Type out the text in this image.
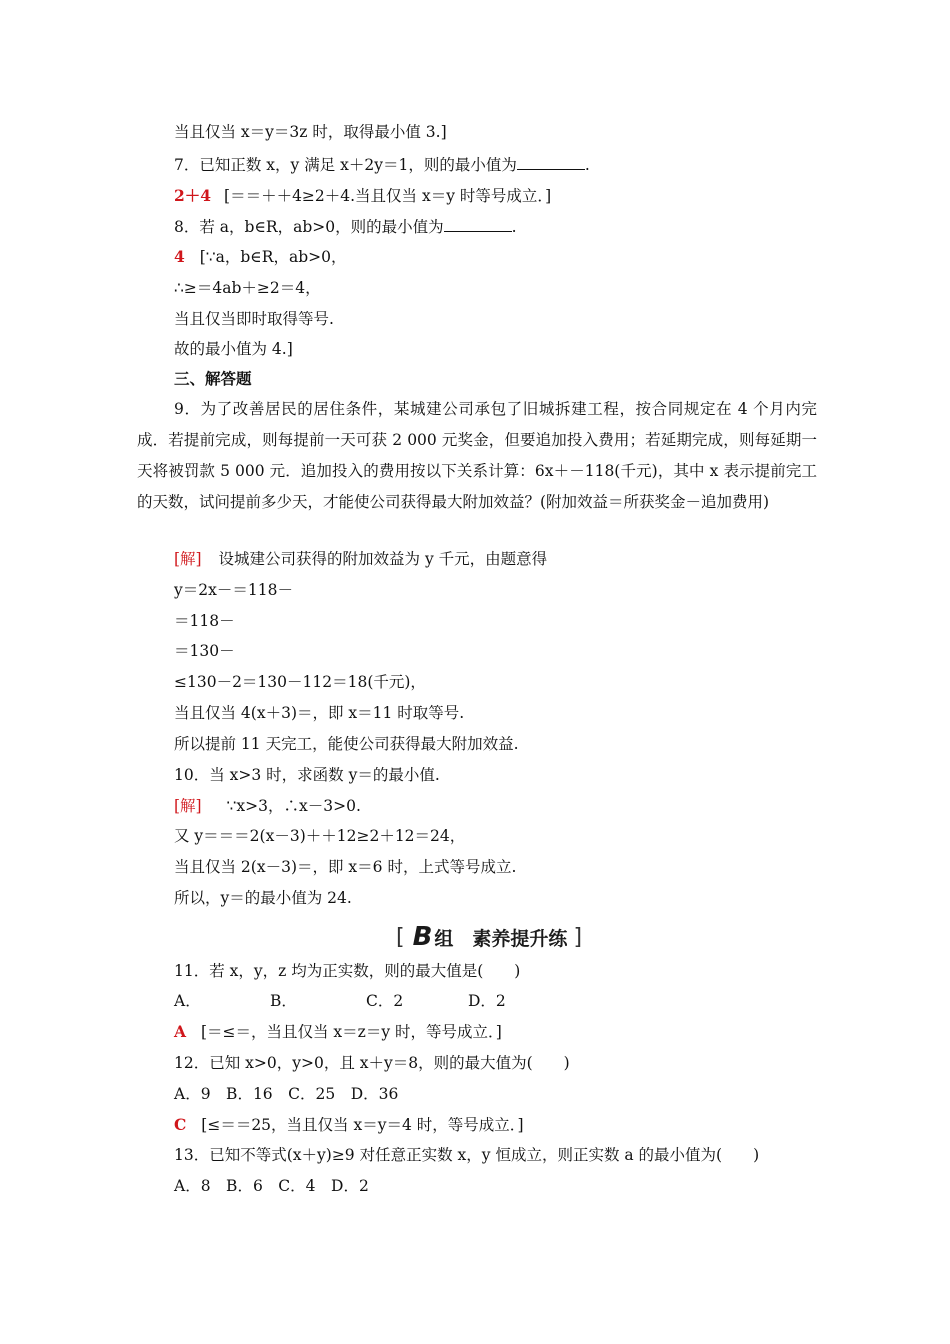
当且仅当 x＝y＝3z 时，取得最小值 3.]
7．已知正数 x，y 满足 x＋2y＝1，则的最小值为	.
2＋4 [＝＝＋＋4≥2＋4.当且仅当 x＝y 时等号成立．]
8．若 a，b∈R，ab>0，则的最小值为	.
4 [∵a，b∈R，ab>0，
∴≥＝4ab＋≥2＝4，
当且仅当即时取得等号.
故的最小值为 4.]
三、解答题
9．为了改善居民的居住条件，某城建公司承包了旧城拆建工程，按合同规定在 4 个月内完成．若提前完成，则每提前一天可获 2 000 元奖金，但要追加投入费用；若延期完成，则每延期一天将被罚款 5 000 元．追加投入的费用按以下关系计算：6x＋－118(千元)，其中 x 表示提前完工的天数，试问提前多少天，才能使公司获得最大附加效益？(附加效益＝所获奖金－追加费用)
[解] 设城建公司获得的附加效益为 y 千元，由题意得
y＝2x－＝118－
＝118－
＝130－
≤130－2＝130－112＝18(千元)，
当且仅当 4(x＋3)＝，即 x＝11 时取等号.
所以提前 11 天完工，能使公司获得最大附加效益.
10．当 x>3 时，求函数 y＝的最小值.
[解] ∵x>3，∴x－3>0.
又 y＝＝＝2(x－3)＋＋12≥2＋12＝24，
当且仅当 2(x－3)＝，即 x＝6 时，上式等号成立.
所以，y＝的最小值为 24.
[ B 组　素养提升练 ]
11．若 x，y，z 均为正实数，则的最大值是(　　)
A．	B．	C．2	D．2
A [＝≤＝，当且仅当 x＝z＝y 时，等号成立．]
12．已知 x>0，y>0，且 x＋y＝8，则的最大值为(　　)
A．9　B．16　C．25　D．36
C [≤＝＝25，当且仅当 x＝y＝4 时，等号成立．]
13．已知不等式(x＋y)≥9 对任意正实数 x，y 恒成立，则正实数 a 的最小值为(　　)
A．8　B．6　C．4　D．2
